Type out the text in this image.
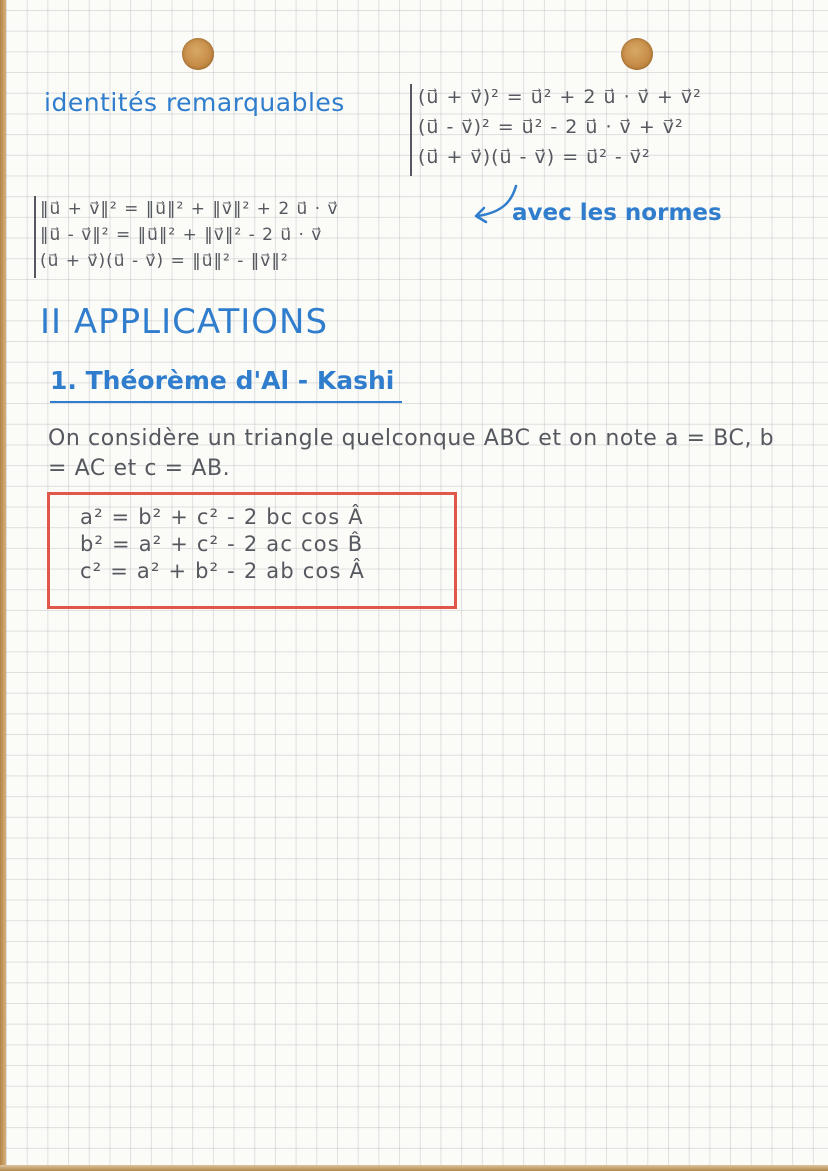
identités remarquables	(u⃗ + v⃗)² = u⃗² + 2 u⃗ · v⃗ + v⃗²
(u⃗ - v⃗)² = u⃗² - 2 u⃗ · v⃗ + v⃗²
(u⃗ + v⃗)(u⃗ - v⃗) = u⃗² - v⃗²
‖u⃗ + v⃗‖² = ‖u⃗‖² + ‖v⃗‖² + 2 u⃗ · v⃗
‖u⃗ - v⃗‖² = ‖u⃗‖² + ‖v⃗‖² - 2 u⃗ · v⃗
(u⃗ + v⃗)(u⃗ - v⃗) = ‖u⃗‖² - ‖v⃗‖²
avec les normes
II APPLICATIONS
1. Théorème d'Al - Kashi
On considère un triangle quelconque ABC et on note a = BC, b = AC et c = AB.
a² = b² + c² - 2 bc cos Â
b² = a² + c² - 2 ac cos B̂
c² = a² + b² - 2 ab cos Â
